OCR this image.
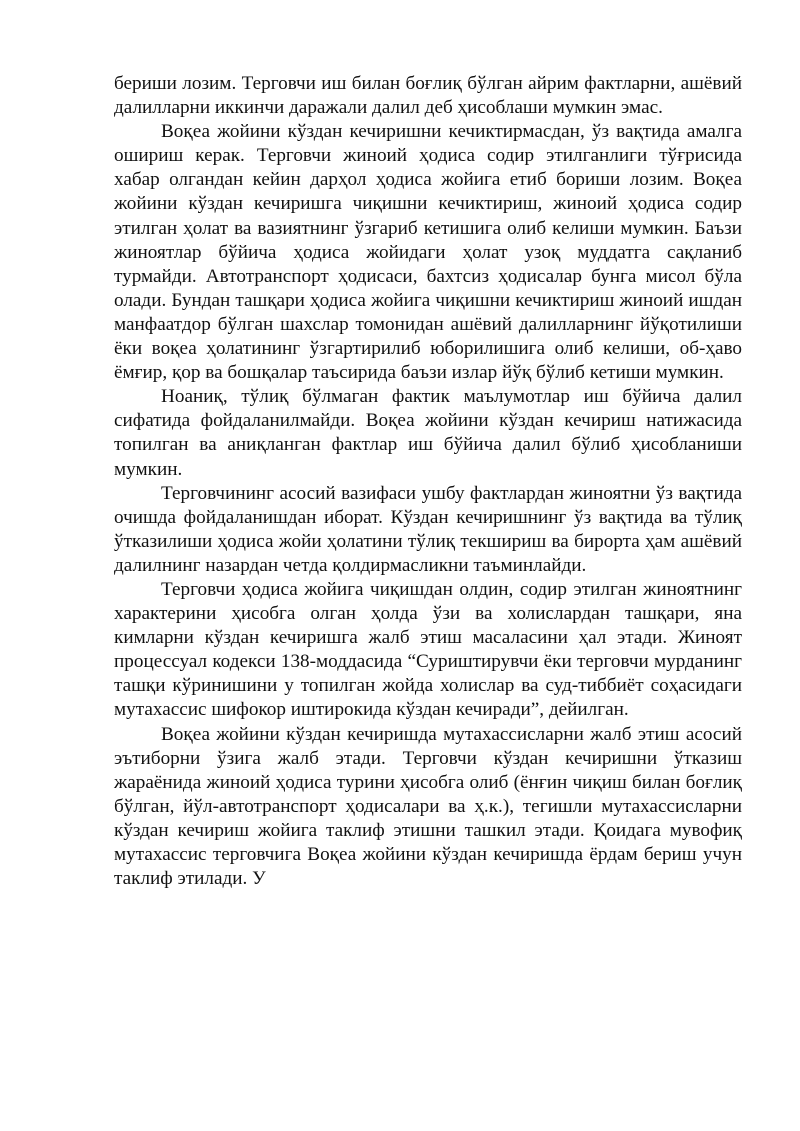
бериши лозим. Терговчи иш билан боғлиқ бўлган айрим фактларни, ашёвий далилларни иккинчи даражали далил деб ҳисоблаши мумкин эмас.

Воқеа жойини кўздан кечиришни кечиктирмасдан, ўз вақтида амалга ошириш керак. Терговчи жиноий ҳодиса содир этилганлиги тўғрисида хабар олгандан кейин дарҳол ҳодиса жойига етиб бориши лозим. Воқеа жойини кўздан кечиришга чиқишни кечиктириш, жиноий ҳодиса содир этилган ҳолат ва вазиятнинг ўзгариб кетишига олиб келиши мумкин. Баъзи жиноятлар бўйича ҳодиса жойидаги ҳолат узоқ муддатга сақланиб турмайди. Автотранспорт ҳодисаси, бахтсиз ҳодисалар бунга мисол бўла олади. Бундан ташқари ҳодиса жойига чиқишни кечиктириш жиноий ишдан манфаатдор бўлган шахслар томонидан ашёвий далилларнинг йўқотилиши ёки воқеа ҳолатининг ўзгартирилиб юборилишига олиб келиши, об-ҳаво ёмғир, қор ва бошқалар таъсирида баъзи излар йўқ бўлиб кетиши мумкин.

Ноаниқ, тўлиқ бўлмаган фактик маълумотлар иш бўйича далил сифатида фойдаланилмайди. Воқеа жойини кўздан кечириш натижасида топилган ва аниқланган фактлар иш бўйича далил бўлиб ҳисобланиши мумкин.

Терговчининг асосий вазифаси ушбу фактлардан жиноятни ўз вақтида очишда фойдаланишдан иборат. Кўздан кечиришнинг ўз вақтида ва тўлиқ ўтказилиши ҳодиса жойи ҳолатини тўлиқ текшириш ва бирорта ҳам ашёвий далилнинг назардан четда қолдирмасликни таъминлайди.

Терговчи ҳодиса жойига чиқишдан олдин, содир этилган жиноятнинг характерини ҳисобга олган ҳолда ўзи ва холислардан ташқари, яна кимларни кўздан кечиришга жалб этиш масаласини ҳал этади. Жиноят процессуал кодекси 138-моддасида “Суриштирувчи ёки терговчи мурданинг ташқи кўринишини у топилган жойда холислар ва суд-тиббиёт соҳасидаги мутахассис шифокор иштирокида кўздан кечиради”, дейилган.

Воқеа жойини кўздан кечиришда мутахассисларни жалб этиш асосий эътиборни ўзига жалб этади. Терговчи кўздан кечиришни ўтказиш жараёнида жиноий ҳодиса турини ҳисобга олиб (ёнғин чиқиш билан боғлиқ бўлган, йўл-автотранспорт ҳодисалари ва ҳ.к.), тегишли мутахассисларни кўздан кечириш жойига таклиф этишни ташкил этади. Қоидага мувофиқ мутахассис терговчига Воқеа жойини кўздан кечиришда ёрдам бериш учун таклиф этилади. У
